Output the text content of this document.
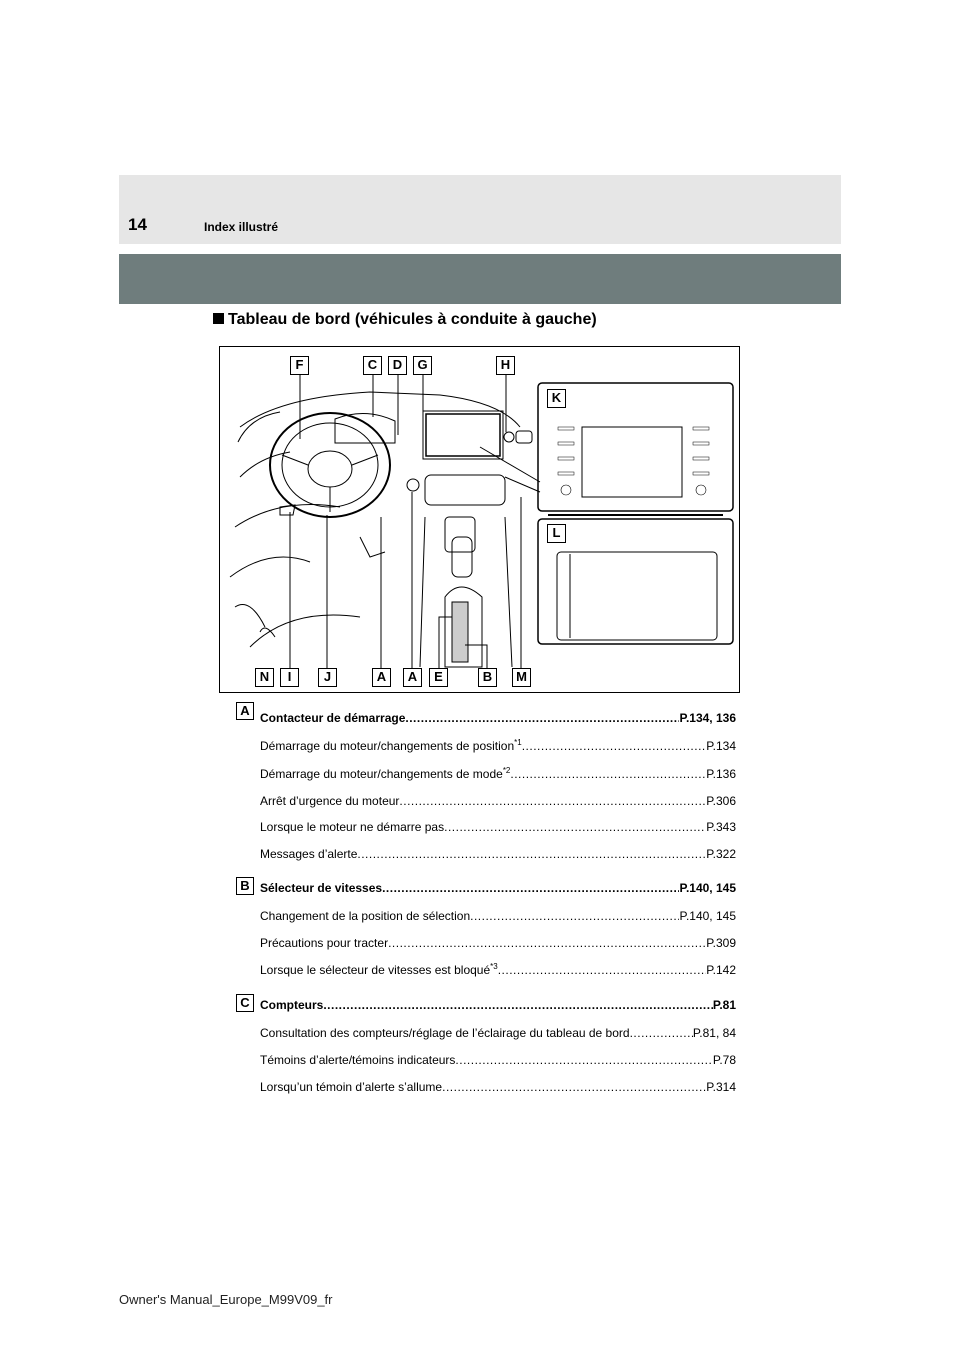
14	Index illustré
Tableau de bord (véhicules à conduite à gauche)
F	C	D	G	H
K
L
N	I	J	A	A	E	B	M
A Contacteur de démarrage .....	P.134, 136
Démarrage du moteur/changements de position$^{*1}$ .....	P.134
Démarrage du moteur/changements de mode$^{*2}$ .....	P.136
Arrêt d’urgence du moteur .....	P.306
Lorsque le moteur ne démarre pas .....	P.343
Messages d’alerte .....	P.322
B Sélecteur de vitesses .....	P.140, 145
Changement de la position de sélection .....	P.140, 145
Précautions pour tracter .....	P.309
Lorsque le sélecteur de vitesses est bloqué$^{*3}$ .....	P.142
C Compteurs .....	P.81
Consultation des compteurs/réglage de l’éclairage du tableau de bord .....	P.81, 84
Témoins d’alerte/témoins indicateurs .....	P.78
Lorsqu’un témoin d’alerte s’allume .....	P.314
Owner's Manual_Europe_M99V09_fr
